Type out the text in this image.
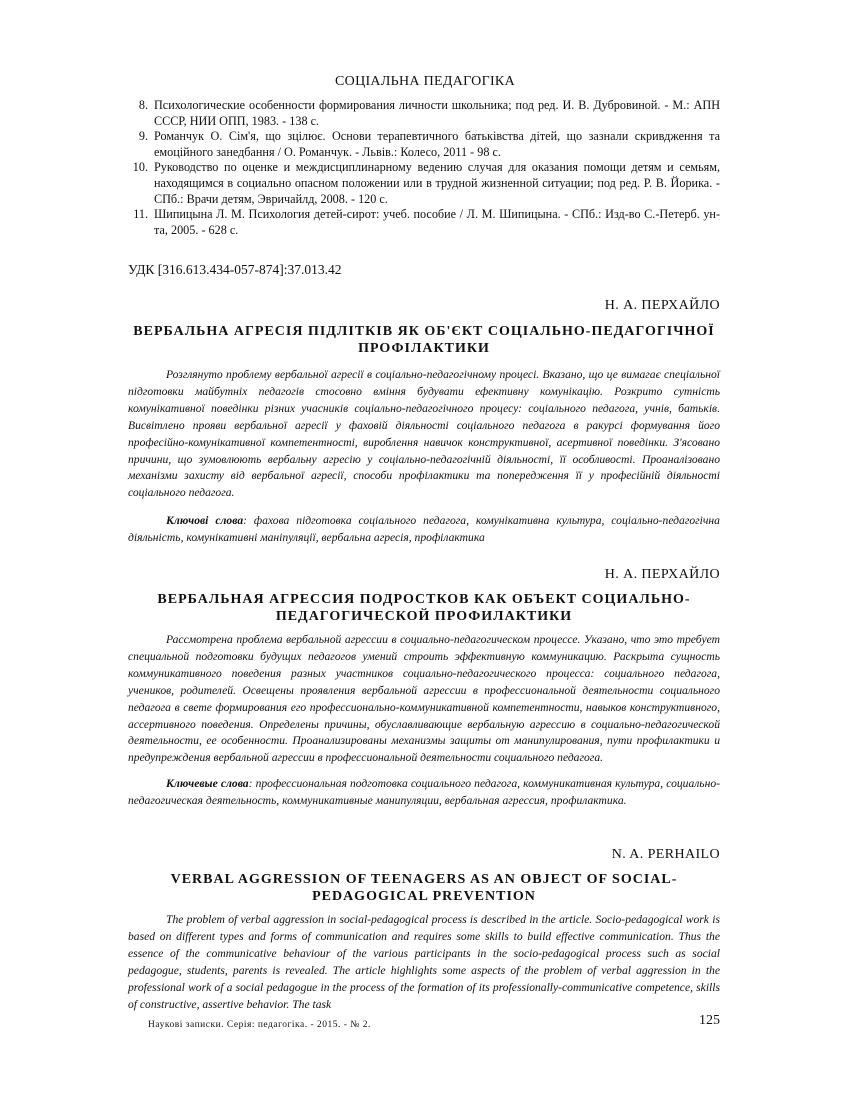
СОЦІАЛЬНА ПЕДАГОГІКА
8. Психологические особенности формирования личности школьника; под ред. И. В. Дубровиной. - М.: АПН СССР, НИИ ОПП, 1983. - 138 с.
9. Романчук О. Сім'я, що зцілює. Основи терапевтичного батьківства дітей, що зазнали скривдження та емоційного занедбання / О. Романчук. - Львів.: Колесо, 2011 - 98 с.
10. Руководство по оценке и междисциплинарному ведению случая для оказания помощи детям и семьям, находящимся в социально опасном положении или в трудной жизненной ситуации; под ред. Р. В. Йорика. - СПб.: Врачи детям, Эвричайлд, 2008. - 120 с.
11. Шипицына Л. М. Психология детей-сирот: учеб. пособие / Л. М. Шипицына. - СПб.: Изд-во С.-Петерб. ун-та, 2005. - 628 с.
УДК [316.613.434-057-874]:37.013.42
Н. А. ПЕРХАЙЛО
ВЕРБАЛЬНА АГРЕСІЯ ПІДЛІТКІВ ЯК ОБ'ЄКТ СОЦІАЛЬНО-ПЕДАГОГІЧНОЇ ПРОФІЛАКТИКИ
Розглянуто проблему вербальної агресії в соціально-педагогічному процесі. Вказано, що це вимагає спеціальної підготовки майбутніх педагогів стосовно вміння будувати ефективну комунікацію. Розкрито сутність комунікативної поведінки різних учасників соціально-педагогічного процесу: соціального педагога, учнів, батьків. Висвітлено прояви вербальної агресії у фаховій діяльності соціального педагога в ракурсі формування його професійно-комунікативної компетентності, вироблення навичок конструктивної, асертивної поведінки. З'ясовано причини, що зумовлюють вербальну агресію у соціально-педагогічній діяльності, її особливості. Проаналізовано механізми захисту від вербальної агресії, способи профілактики та попередження її у професійній діяльності соціального педагога.
Ключові слова: фахова підготовка соціального педагога, комунікативна культура, соціально-педагогічна діяльність, комунікативні маніпуляції, вербальна агресія, профілактика
Н. А. ПЕРХАЙЛО
ВЕРБАЛЬНАЯ АГРЕССИЯ ПОДРОСТКОВ КАК ОБЪЕКТ СОЦИАЛЬНО-ПЕДАГОГИЧЕСКОЙ ПРОФИЛАКТИКИ
Рассмотрена проблема вербальной агрессии в социально-педагогическом процессе. Указано, что это требует специальной подготовки будущих педагогов умений строить эффективную коммуникацию. Раскрыта сущность коммуникативного поведения разных участников социально-педагогического процесса: социального педагога, учеников, родителей. Освещены проявления вербальной агрессии в профессиональной деятельности социального педагога в свете формирования его профессионально-коммуникативной компетентности, навыков конструктивного, ассертивного поведения. Определены причины, обуславливающие вербальную агрессию в социально-педагогической деятельности, ее особенности. Проанализированы механизмы защиты от манипулирования, пути профилактики и предупреждения вербальной агрессии в профессиональной деятельности социального педагога.
Ключевые слова: профессиональная подготовка социального педагога, коммуникативная культура, социально-педагогическая деятельность, коммуникативные манипуляции, вербальная агрессия, профилактика.
N. A. PERHAILO
VERBAL AGGRESSION OF TEENAGERS AS AN OBJECT OF SOCIAL-PEDAGOGICAL PREVENTION
The problem of verbal aggression in social-pedagogical process is described in the article. Socio-pedagogical work is based on different types and forms of communication and requires some skills to build effective communication. Thus the essence of the communicative behaviour of the various participants in the socio-pedagogical process such as social pedagogue, students, parents is revealed. The article highlights some aspects of the problem of verbal aggression in the professional work of a social pedagogue in the process of the formation of its professionally-communicative competence, skills of constructive, assertive behavior. The task
Наукові записки. Серія: педагогіка. - 2015. - № 2.	125
